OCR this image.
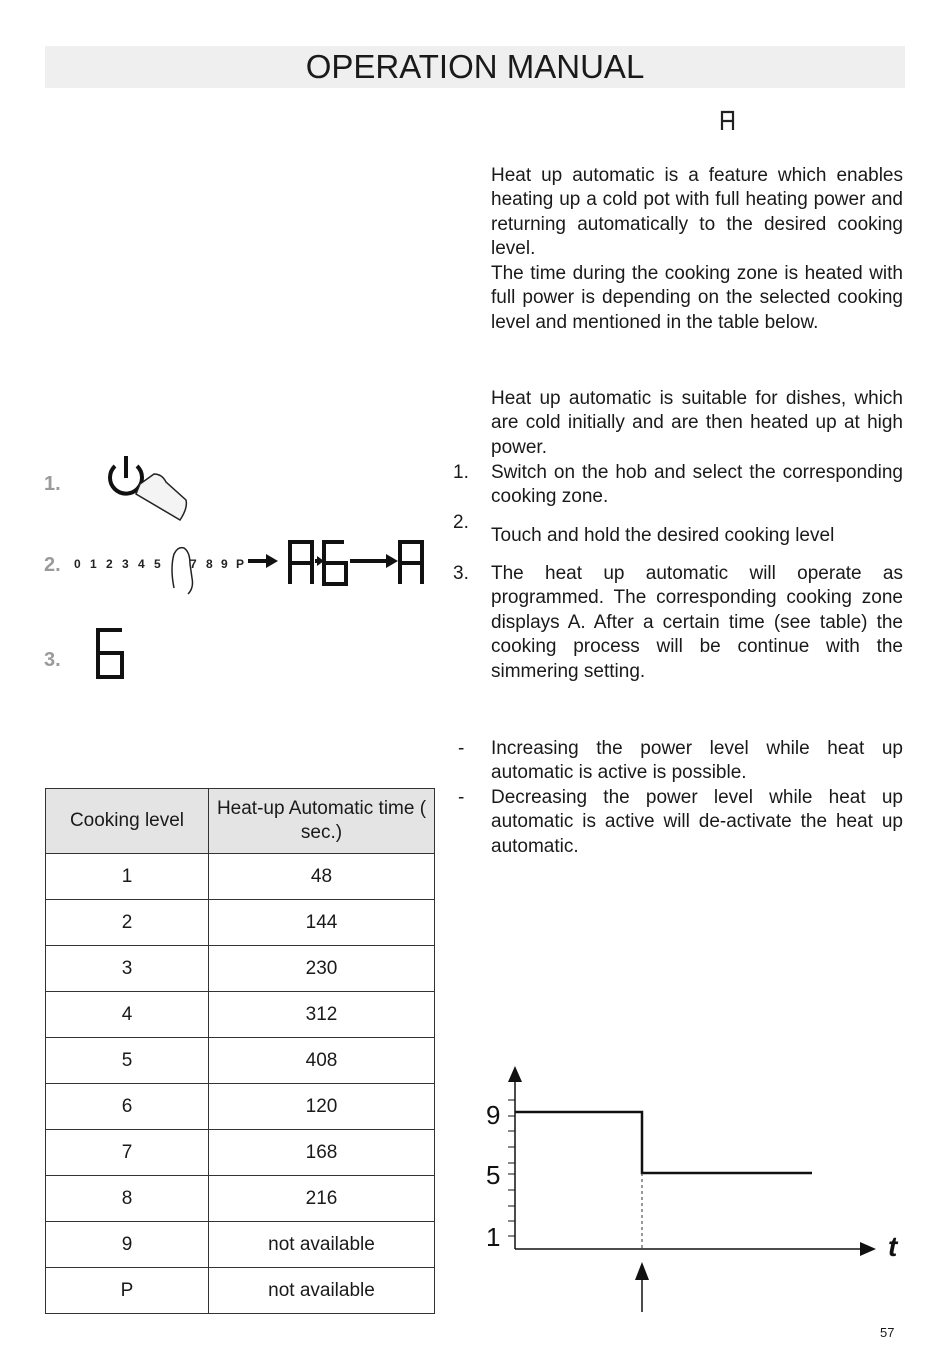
OPERATION MANUAL
Heat up automatic is a feature which enables heating up a cold pot with full heating power and returning automatically to the desired cooking level.
The time during the cooking zone is heated with full power is depending on the selected cooking level and mentioned in the table below.
Heat up automatic is suitable for dishes, which are cold initially and are then heated up at high power.
1. Switch on the hob and select the corresponding cooking zone.
2.
Touch and hold the desired cooking level
3. The heat up automatic will operate as programmed. The corresponding cooking zone displays A. After a certain time (see table) the cooking process will be continue with the simmering setting.
- Increasing the power level while heat up automatic is active is possible.
- Decreasing the power level while heat up automatic is active will de-activate the heat up automatic.
1.
2. 0 1 2 3 4 5 7 8 9 P
3.
Cooking level	Heat-up Automatic time ( sec.)
1	48
2	144
3	230
4	312
5	408
6	120
7	168
8	216
9	not available
P	not available
9
5
1	t
57
